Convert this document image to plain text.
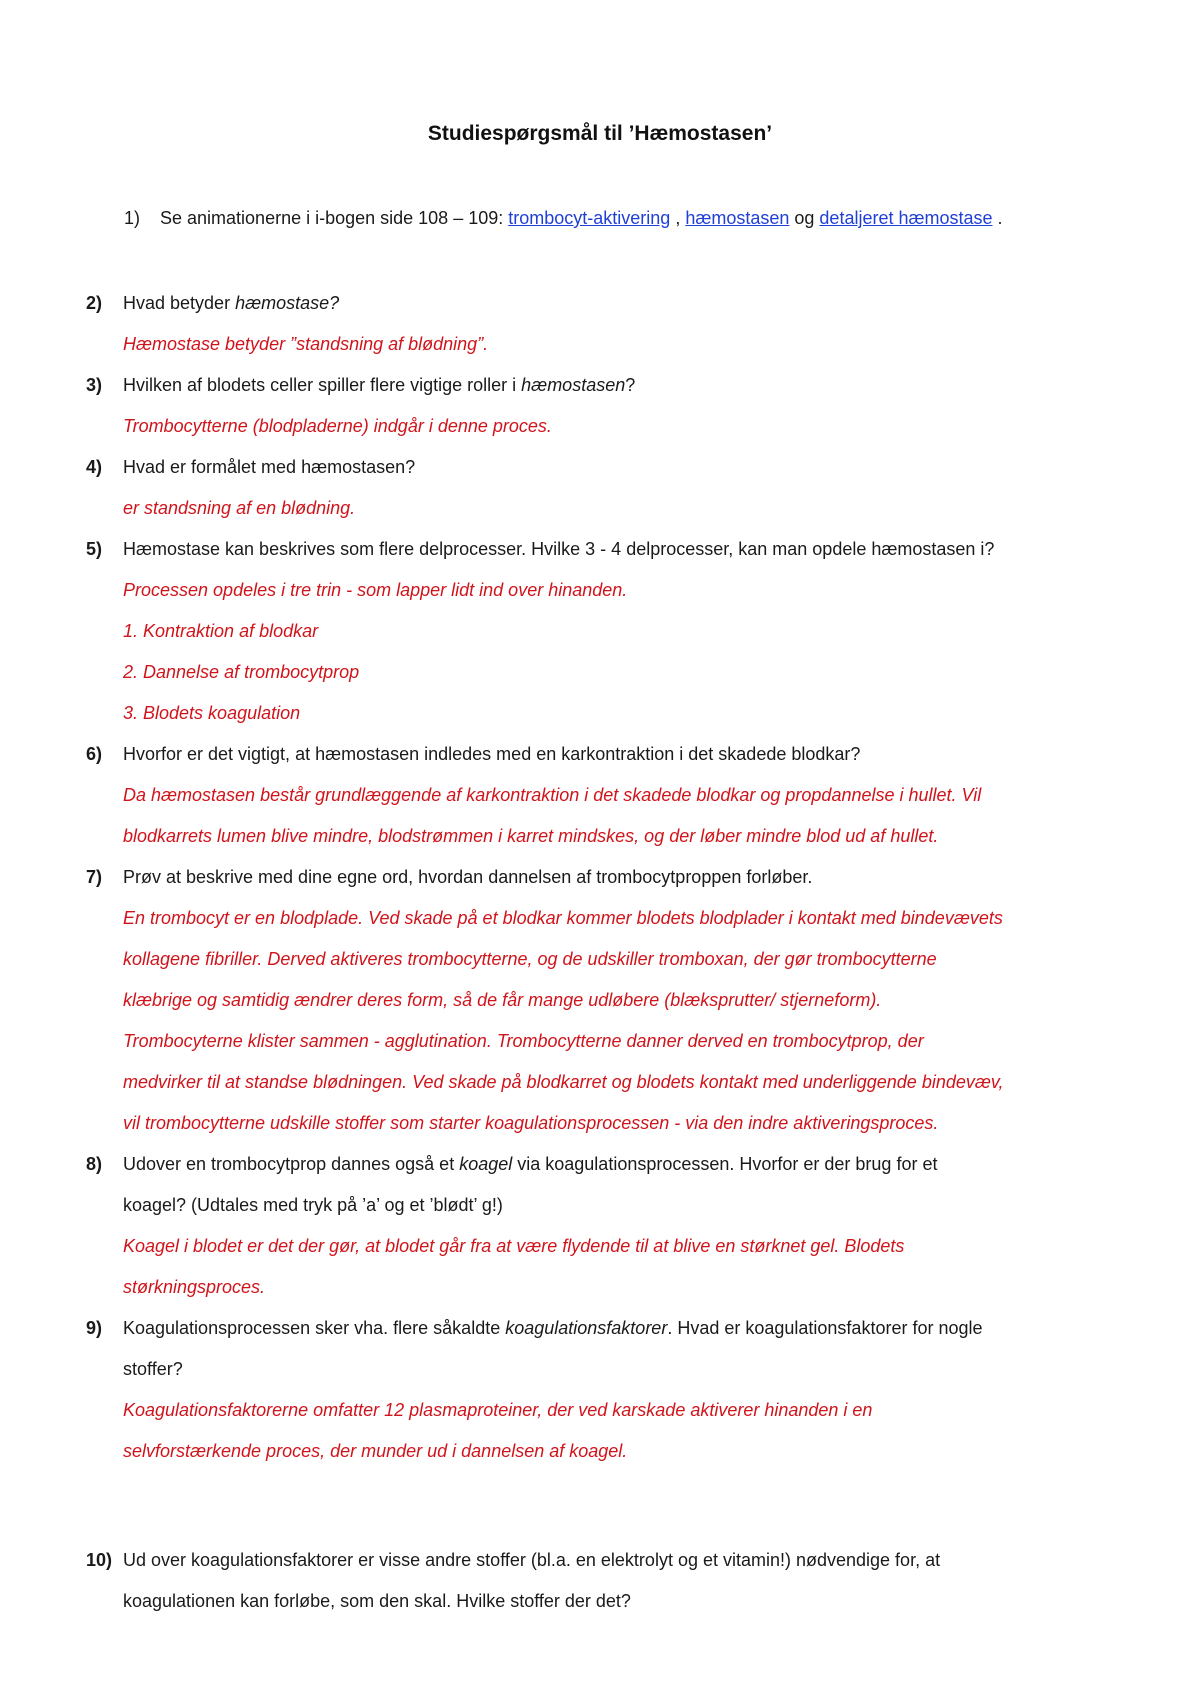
Studiespørgsmål til ’Hæmostasen’
1) Se animationerne i i-bogen side 108 – 109: trombocyt-aktivering , hæmostasen og detaljeret hæmostase .
2)	Hvad betyder hæmostase?
Hæmostase betyder ”standsning af blødning”.
3)	Hvilken af blodets celler spiller flere vigtige roller i hæmostasen?
Trombocytterne (blodpladerne) indgår i denne proces.
4)	Hvad er formålet med hæmostasen?
er standsning af en blødning.
5)	Hæmostase kan beskrives som flere delprocesser. Hvilke 3 - 4 delprocesser, kan man opdele hæmostasen i?
Processen opdeles i tre trin - som lapper lidt ind over hinanden.
1. Kontraktion af blodkar
2. Dannelse af trombocytprop
3. Blodets koagulation
6)	Hvorfor er det vigtigt, at hæmostasen indledes med en karkontraktion i det skadede blodkar?
Da hæmostasen består grundlæggende af karkontraktion i det skadede blodkar og propdannelse i hullet. Vil
blodkarrets lumen blive mindre, blodstrømmen i karret mindskes, og der løber mindre blod ud af hullet.
7)	Prøv at beskrive med dine egne ord, hvordan dannelsen af trombocytproppen forløber.
En trombocyt er en blodplade. Ved skade på et blodkar kommer blodets blodplader i kontakt med bindevævets
kollagene fibriller. Derved aktiveres trombocytterne, og de udskiller tromboxan, der gør trombocytterne
klæbrige og samtidig ændrer deres form, så de får mange udløbere (blæksprutter/ stjerneform).
Trombocyterne klister sammen - agglutination. Trombocytterne danner derved en trombocytprop, der
medvirker til at standse blødningen. Ved skade på blodkarret og blodets kontakt med underliggende bindevæv,
vil trombocytterne udskille stoffer som starter koagulationsprocessen - via den indre aktiveringsproces.
8)	Udover en trombocytprop dannes også et koagel via koagulationsprocessen. Hvorfor er der brug for et
koagel? (Udtales med tryk på ’a’ og et ’blødt’ g!)
Koagel i blodet er det der gør, at blodet går fra at være flydende til at blive en størknet gel. Blodets
størkningsproces.
9)	Koagulationsprocessen sker vha. flere såkaldte koagulationsfaktorer. Hvad er koagulationsfaktorer for nogle
stoffer?
Koagulationsfaktorerne omfatter 12 plasmaproteiner, der ved karskade aktiverer hinanden i en
selvforstærkende proces, der munder ud i dannelsen af koagel.
10) Ud over koagulationsfaktorer er visse andre stoffer (bl.a. en elektrolyt og et vitamin!) nødvendige for, at
koagulationen kan forløbe, som den skal. Hvilke stoffer der det?
